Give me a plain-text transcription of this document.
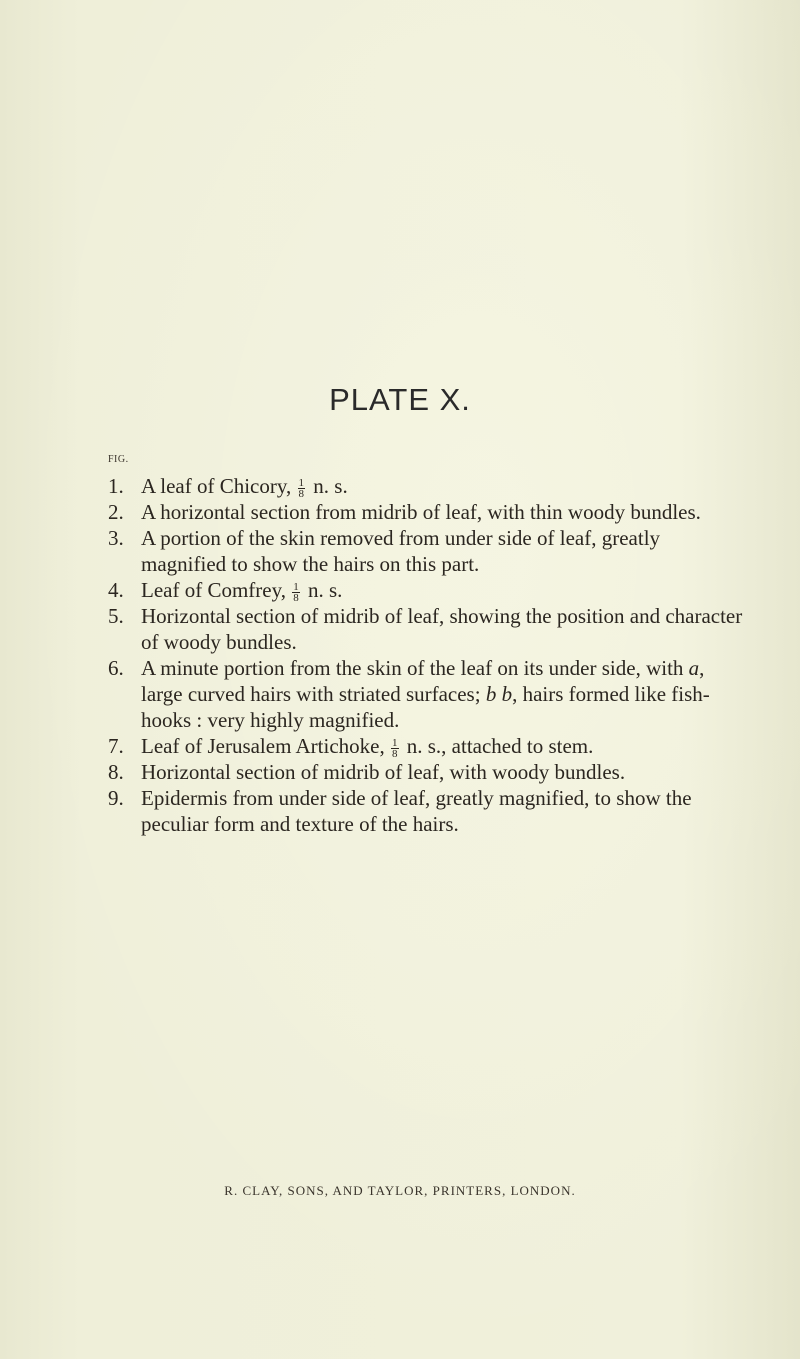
PLATE X.
FIG.
1. A leaf of Chicory, $\frac{1}{8} n$. s.
2. A horizontal section from midrib of leaf, with thin woody bundles.
3. A portion of the skin removed from under side of leaf, greatly magnified to show the hairs on this part.
4. Leaf of Comfrey, $\frac{1}{8} n$. s.
5. Horizontal section of midrib of leaf, showing the position and character of woody bundles.
6. A minute portion from the skin of the leaf on its under side, with a, large curved hairs with striated surfaces; b b, hairs formed like fish-hooks : very highly magnified.
7. Leaf of Jerusalem Artichoke, $\frac{1}{8} n$. s., attached to stem.
8. Horizontal section of midrib of leaf, with woody bundles.
9. Epidermis from under side of leaf, greatly magnified, to show the peculiar form and texture of the hairs.
R. CLAY, SONS, AND TAYLOR, PRINTERS, LONDON.
